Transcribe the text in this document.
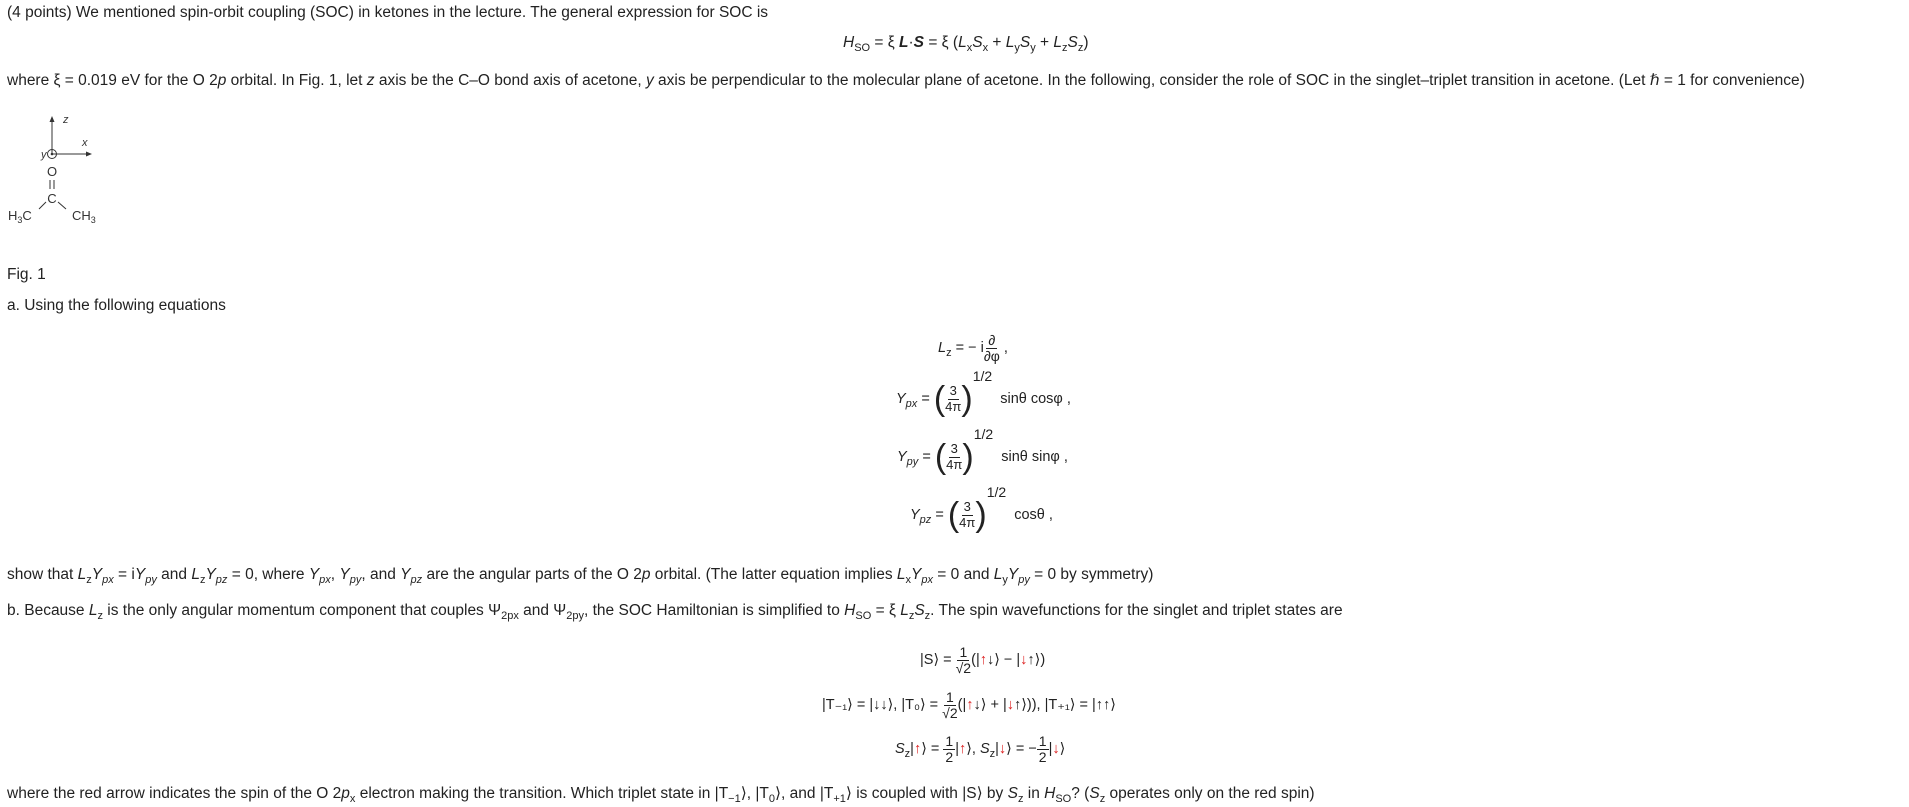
(4 points) We mentioned spin-orbit coupling (SOC) in ketones in the lecture. The general expression for SOC is
$H_{SO} = \xi$ L·S = ξ $(L_xS_x + L_yS_y + L_zS_z)$
where ξ = 0.019 eV for the O 2p orbital. In Fig. 1, let z axis be the C–O bond axis of acetone, y axis be perpendicular to the molecular plane of acetone. In the following, consider the role of SOC in the singlet–triplet transition in acetone. (Let ℏ = 1 for convenience)
z
x
y
O
C
$H_3C$	$CH_3$
Fig. 1
a. Using the following equations
$L_z$ = − i $\frac{\partial}{\partial\varphi}$ ,
$Y_{px}$ = ( $\frac{3}{4\pi} )1/2$  sinθ cosφ ,
$Y_{py}$ = ( $\frac{3}{4\pi} )1/2$  sinθ sinφ ,
$Y_{pz}$ = ( $\frac{3}{4\pi} )1/2$  cosθ ,
show that $L_zY_{px} = iY_{py}$ and $L_zY_{pz} = 0$, where $Y_{px}$, $Y_{py}$, and $Y_{pz}$ are the angular parts of the O 2p orbital. (The latter equation implies $L_xY_{px} = 0$ and $L_yY_{py} = 0$ by symmetry)
b. Because $L_z$ is the only angular momentum component that couples $\Psi_{2px}$ and $\Psi_{2py}$, the SOC Hamiltonian is simplified to $H_{SO} = \xi$ $L_zS_z$. The spin wavefunctions for the singlet and triplet states are
|S⟩ = $\frac{1}{√2}$ (|↑↓⟩ − |↓↑⟩)
|T₋₁⟩ = |↓↓⟩, |T₀⟩ = $\frac{1}{√2}$ (|↑↓⟩ + |↓↑⟩)), |T₊₁⟩ = |↑↑⟩
$S_z|↑⟩ = \frac{1}{2}$ |↑⟩, $S_z|↓⟩$ = − $\frac{1}{2}$ |↓⟩
where the red arrow indicates the spin of the O $2p_x$ electron making the transition. Which triplet state in $|T_{-1}⟩$, $|T_0⟩$, and $|T_{+1}⟩$ is coupled with |S⟩ by $S_z$ in $H_{SO}$? ($S_z$ operates only on the red spin)
